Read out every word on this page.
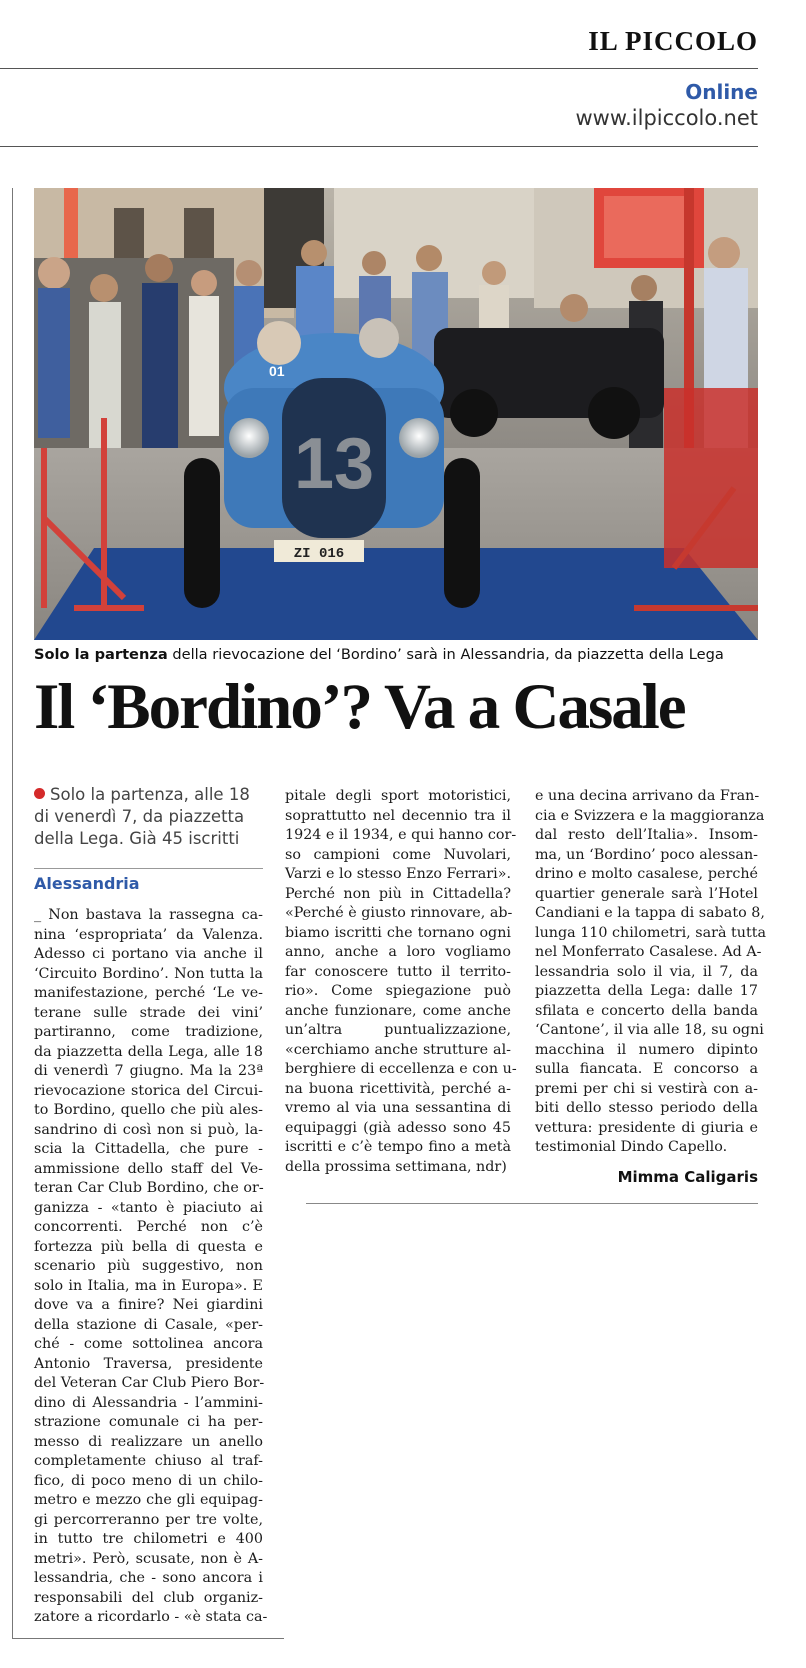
IL PICCOLO
Online
www.ilpiccolo.net
13
01
ZI 016
Solo la partenza della rievocazione del ‘Bordino’ sarà in Alessandria, da piazzetta della Lega
Il ‘Bordino’? Va a Casale
Solo la partenza, alle 18 di venerdì 7, da piazzetta della Lega. Già 45 iscritti
Alessandria
_ Non bastava la rassegna ca-
nina ‘espropriata’ da Valenza.
Adesso ci portano via anche il
‘Circuito Bordino’. Non tutta la
manifestazione, perché ‘Le ve-
terane sulle strade dei vini’
partiranno, come tradizione,
da piazzetta della Lega, alle 18
di venerdì 7 giugno. Ma la 23ª
rievocazione storica del Circui-
to Bordino, quello che più ales-
sandrino di così non si può, la-
scia la Cittadella, che pure -
ammissione dello staff del Ve-
teran Car Club Bordino, che or-
ganizza - «tanto è piaciuto ai
concorrenti. Perché non c’è
fortezza più bella di questa e
scenario più suggestivo, non
solo in Italia, ma in Europa». E
dove va a finire? Nei giardini
della stazione di Casale, «per-
ché - come sottolinea ancora
Antonio Traversa, presidente
del Veteran Car Club Piero Bor-
dino di Alessandria - l’ammini-
strazione comunale ci ha per-
messo di realizzare un anello
completamente chiuso al traf-
fico, di poco meno di un chilo-
metro e mezzo che gli equipag-
gi percorreranno per tre volte,
in tutto tre chilometri e 400
metri». Però, scusate, non è A-
lessandria, che - sono ancora i
responsabili del club organiz-
zatore a ricordarlo - «è stata ca-
pitale degli sport motoristici,
soprattutto nel decennio tra il
1924 e il 1934, e qui hanno cor-
so campioni come Nuvolari,
Varzi e lo stesso Enzo Ferrari».
Perché non più in Cittadella?
«Perché è giusto rinnovare, ab-
biamo iscritti che tornano ogni
anno, anche a loro vogliamo
far conoscere tutto il territo-
rio». Come spiegazione può
anche funzionare, come anche
un’altra puntualizzazione,
«cerchiamo anche strutture al-
berghiere di eccellenza e con u-
na buona ricettività, perché a-
vremo al via una sessantina di
equipaggi (già adesso sono 45
iscritti e c’è tempo fino a metà
della prossima settimana, ndr)
e una decina arrivano da Fran-
cia e Svizzera e la maggioranza
dal resto dell’Italia». Insom-
ma, un ‘Bordino’ poco alessan-
drino e molto casalese, perché
quartier generale sarà l’Hotel
Candiani e la tappa di sabato 8,
lunga 110 chilometri, sarà tutta
nel Monferrato Casalese. Ad A-
lessandria solo il via, il 7, da
piazzetta della Lega: dalle 17
sfilata e concerto della banda
‘Cantone’, il via alle 18, su ogni
macchina il numero dipinto
sulla fiancata. E concorso a
premi per chi si vestirà con a-
biti dello stesso periodo della
vettura: presidente di giuria e
testimonial Dindo Capello.
Mimma Caligaris
